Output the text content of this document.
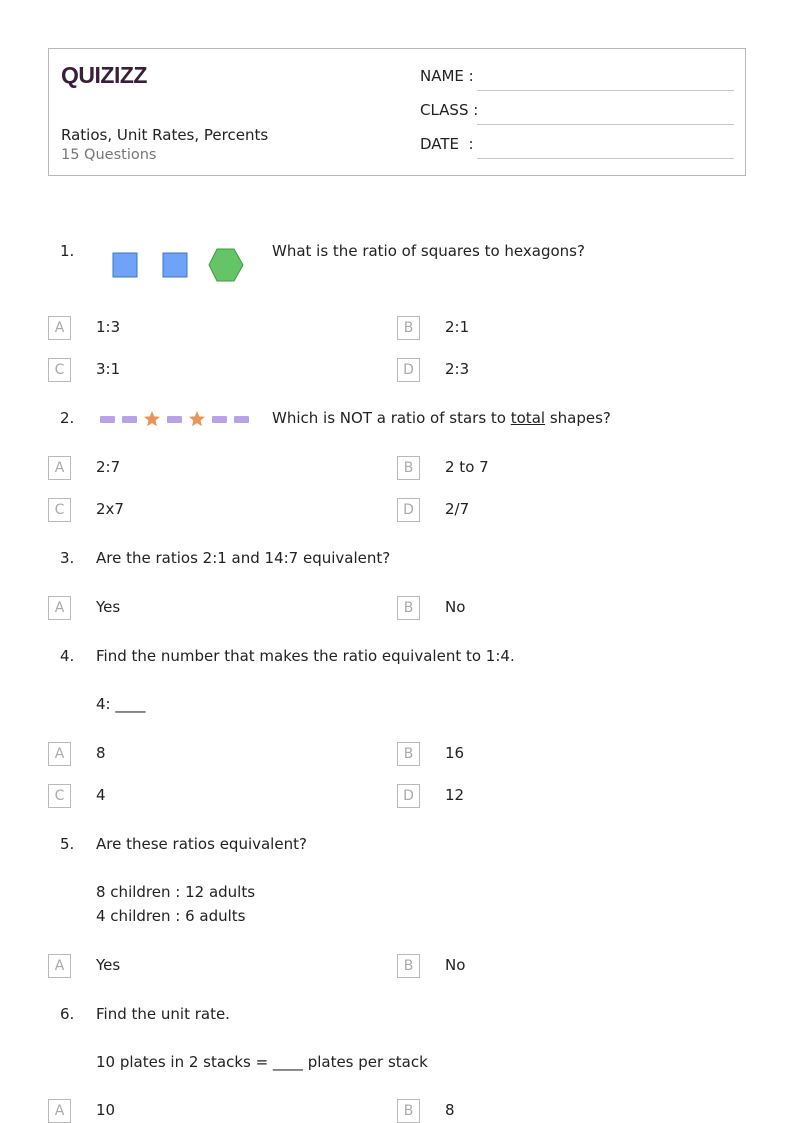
QUIZIZZ
Ratios, Unit Rates, Percents
15 Questions
NAME :
CLASS :
DATE  :
1.	What is the ratio of squares to hexagons?
A	1:3	B	2:1
C	3:1	D	2:3
2.	Which is NOT a ratio of stars to total shapes?
A	2:7	B	2 to 7
C	2x7	D	2/7
3. Are the ratios 2:1 and 14:7 equivalent?
A	Yes	B	No
4. Find the number that makes the ratio equivalent to 1:4.
4: ____
A	8	B	16
C	4	D	12
5. Are these ratios equivalent?
8 children : 12 adults
4 children : 6 adults
A	Yes	B	No
6. Find the unit rate.
10 plates in 2 stacks = ____ plates per stack
A	10	B	8
